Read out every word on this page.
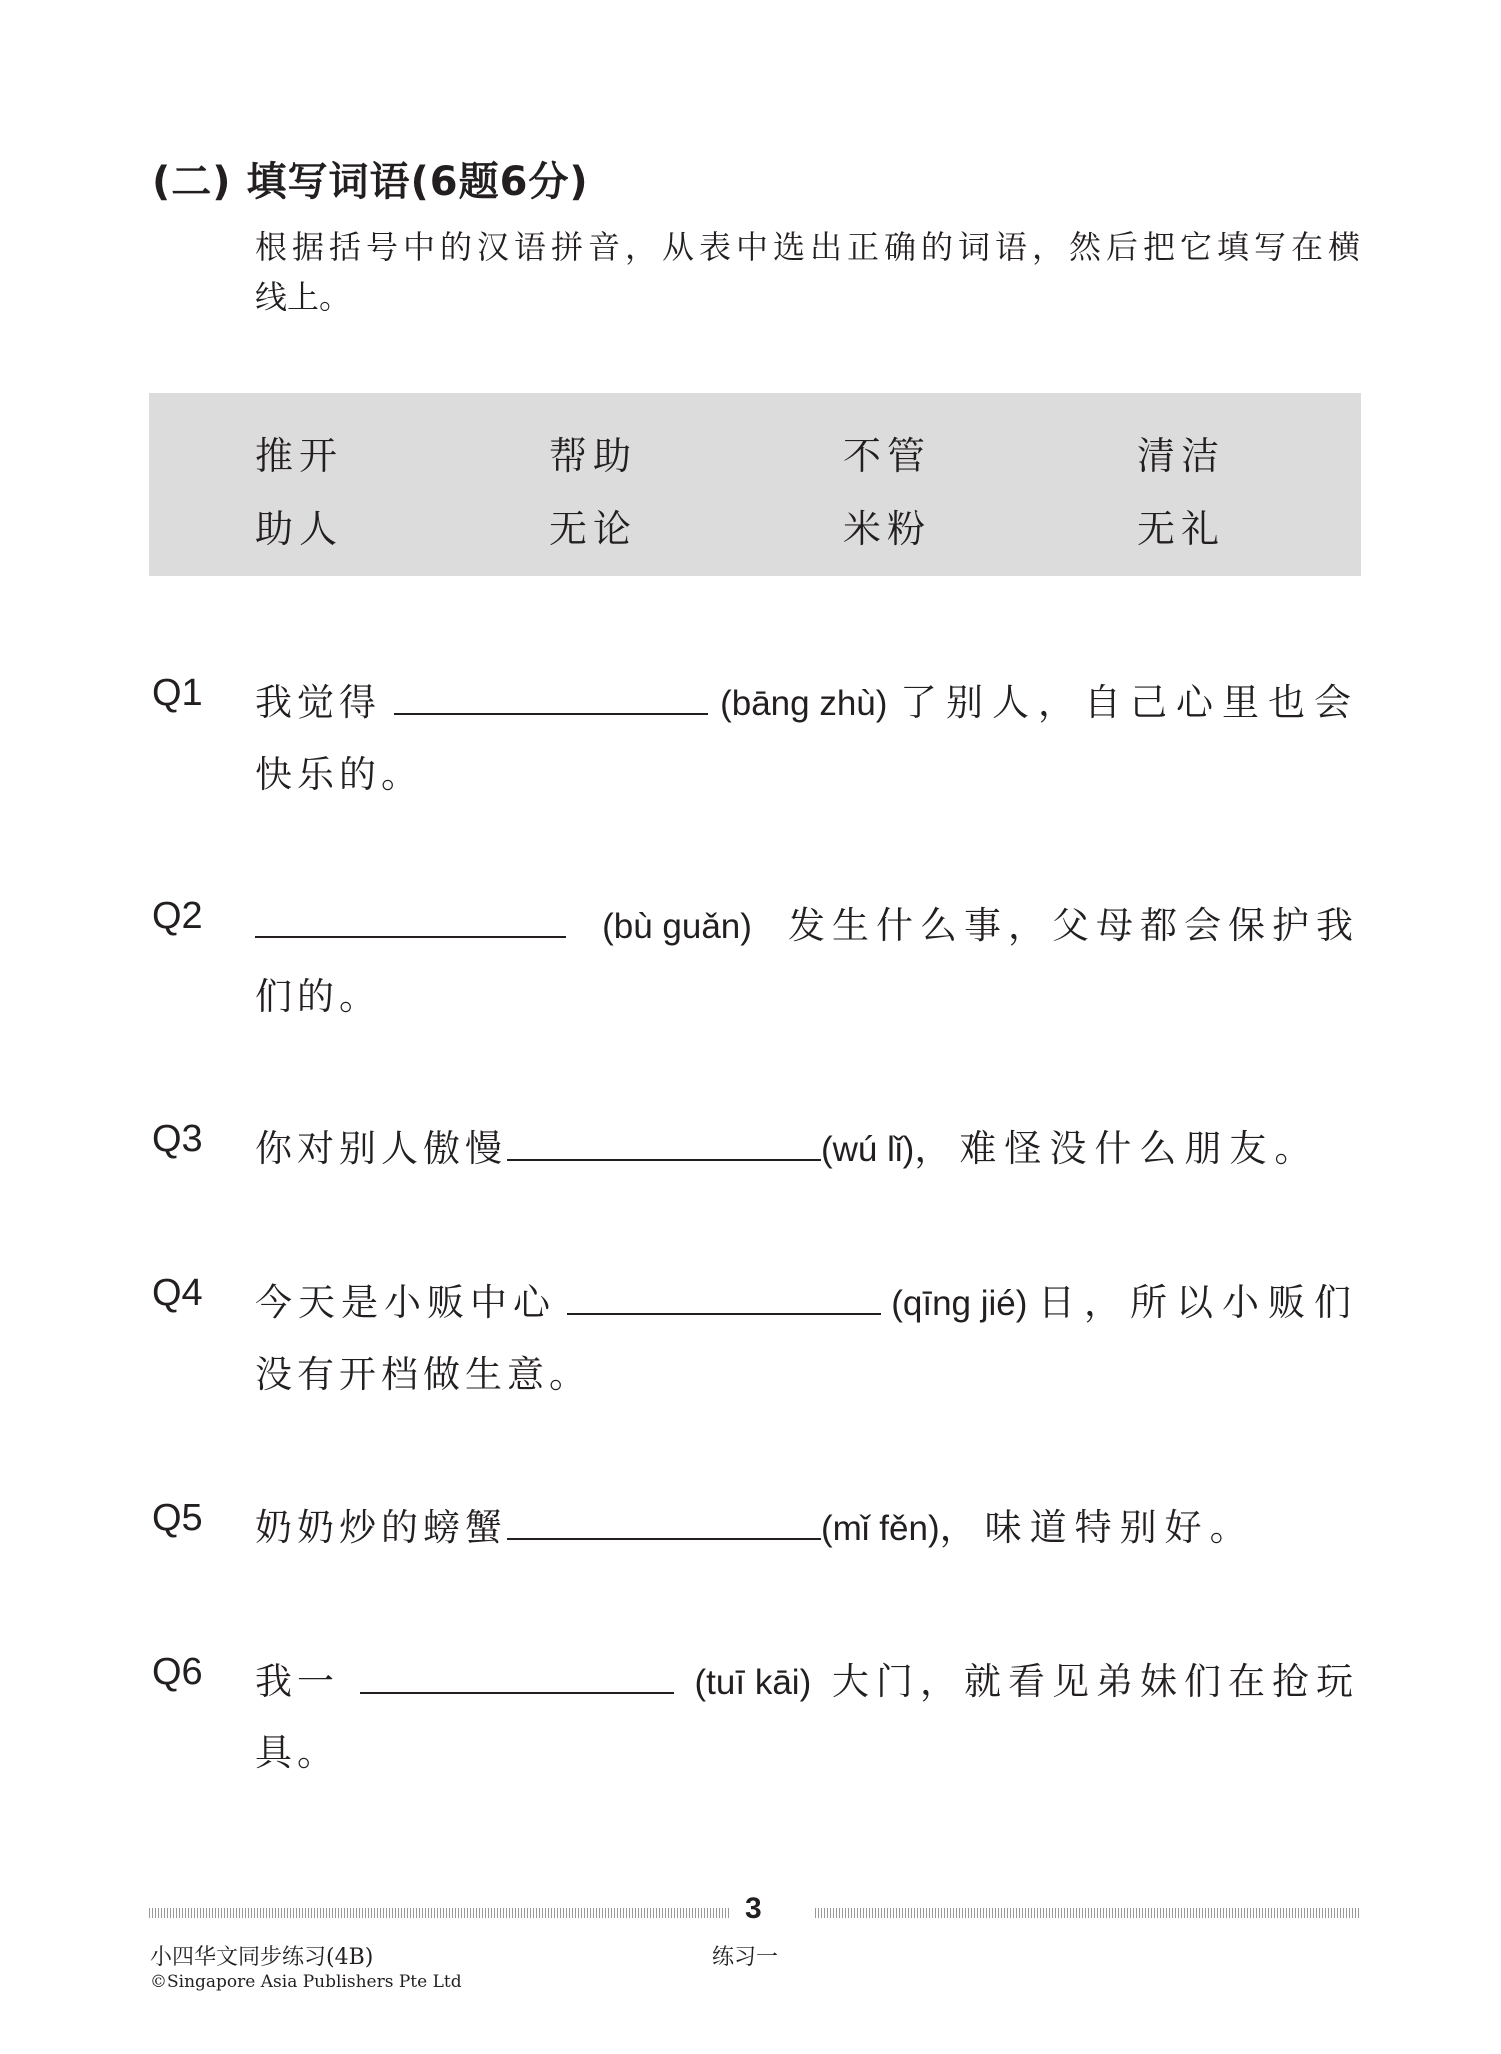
(二) 填写词语(6题6分)
根据括号中的汉语拼音，从表中选出正确的词语，然后把它填写在横
线上。
推开	帮助	不管	清洁
助人	无论	米粉	无礼
Q1 我觉得	(bāng zhù) 了别人，自己心里也会
快乐的。
Q2	(bù guǎn) 发生什么事，父母都会保护我
们的。
Q3 你对别人傲慢	(wú lǐ)，难怪没什么朋友。
Q4 今天是小贩中心	(qīng jié) 日，所以小贩们
没有开档做生意。
Q5 奶奶炒的螃蟹	(mǐ fěn)，味道特别好。
Q6 我一	(tuī kāi) 大门，就看见弟妹们在抢玩
具。
3
小四华文同步练习(4B)	练习一
©Singapore Asia Publishers Pte Ltd
